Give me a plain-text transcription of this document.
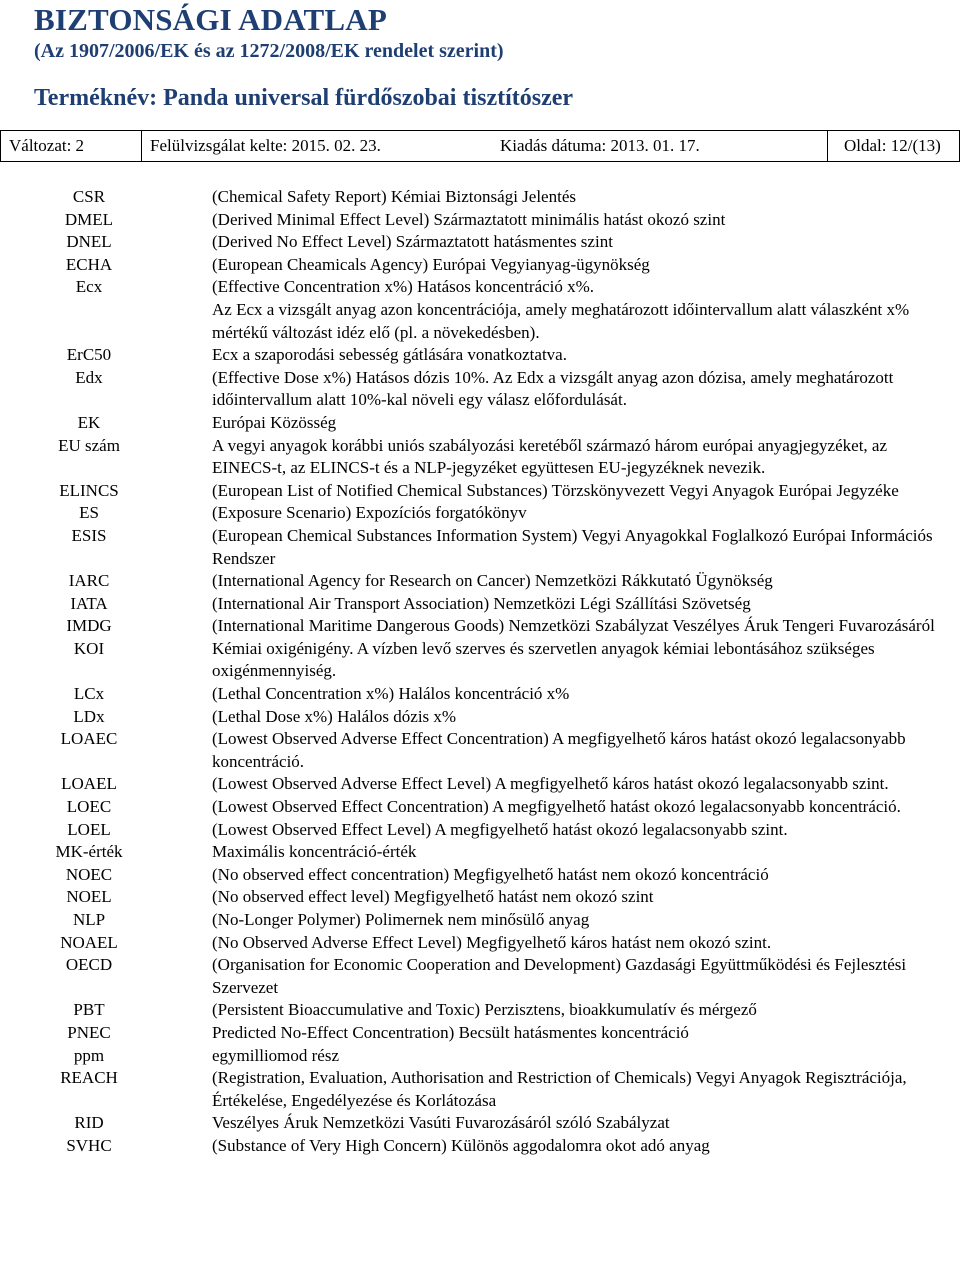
BIZTONSÁGI ADATLAP
(Az 1907/2006/EK és az 1272/2008/EK rendelet szerint)
Terméknév: Panda universal fürdőszobai tisztítószer
Változat: 2	Felülvizsgálat kelte: 2015. 02. 23.	Kiadás dátuma: 2013. 01. 17.	Oldal: 12/(13)
CSR	(Chemical Safety Report) Kémiai Biztonsági Jelentés
DMEL	(Derived Minimal Effect Level) Származtatott minimális hatást okozó szint
DNEL	(Derived No Effect Level) Származtatott hatásmentes szint
ECHA	(European Cheamicals Agency) Európai Vegyianyag-ügynökség
Ecx	(Effective Concentration x%) Hatásos koncentráció x%.
Az Ecx a vizsgált anyag azon koncentrációja, amely meghatározott időintervallum alatt válaszként x% mértékű változást idéz elő (pl. a növekedésben).
ErC50	Ecx a szaporodási sebesség gátlására vonatkoztatva.
Edx	(Effective Dose x%) Hatásos dózis 10%. Az Edx a vizsgált anyag azon dózisa, amely meghatározott időintervallum alatt 10%-kal növeli egy válasz előfordulását.
EK	Európai Közösség
EU szám	A vegyi anyagok korábbi uniós szabályozási keretéből származó három európai anyagjegyzéket, az EINECS-t, az ELINCS-t és a NLP-jegyzéket együttesen EU-jegyzéknek nevezik.
ELINCS	(European List of Notified Chemical Substances) Törzskönyvezett Vegyi Anyagok Európai Jegyzéke
ES	(Exposure Scenario) Expozíciós forgatókönyv
ESIS	(European Chemical Substances Information System) Vegyi Anyagokkal Foglalkozó Európai Információs Rendszer
IARC	(International Agency for Research on Cancer) Nemzetközi Rákkutató Ügynökség
IATA	(International Air Transport Association) Nemzetközi Légi Szállítási Szövetség
IMDG	(International Maritime Dangerous Goods) Nemzetközi Szabályzat Veszélyes Áruk Tengeri Fuvarozásáról
KOI	Kémiai oxigénigény. A vízben levő szerves és szervetlen anyagok kémiai lebontásához szükséges oxigénmennyiség.
LCx	(Lethal Concentration x%) Halálos koncentráció x%
LDx	(Lethal Dose x%) Halálos dózis x%
LOAEC	(Lowest Observed Adverse Effect Concentration) A megfigyelhető káros hatást okozó legalacsonyabb koncentráció.
LOAEL	(Lowest Observed Adverse Effect Level) A megfigyelhető káros hatást okozó legalacsonyabb szint.
LOEC	(Lowest Observed Effect Concentration) A megfigyelhető hatást okozó legalacsonyabb koncentráció.
LOEL	(Lowest Observed Effect Level) A megfigyelhető hatást okozó legalacsonyabb szint.
MK-érték	Maximális koncentráció-érték
NOEC	(No observed effect concentration) Megfigyelhető hatást nem okozó koncentráció
NOEL	(No observed effect level) Megfigyelhető hatást nem okozó szint
NLP	(No-Longer Polymer) Polimernek nem minősülő anyag
NOAEL	(No Observed Adverse Effect Level) Megfigyelhető káros hatást nem okozó szint.
OECD	(Organisation for Economic Cooperation and Development) Gazdasági Együttműködési és Fejlesztési Szervezet
PBT	(Persistent Bioaccumulative and Toxic) Perzisztens, bioakkumulatív és mérgező
PNEC	Predicted No-Effect Concentration) Becsült hatásmentes koncentráció
ppm	egymilliomod rész
REACH	(Registration, Evaluation, Authorisation and Restriction of Chemicals) Vegyi Anyagok Regisztrációja, Értékelése, Engedélyezése és Korlátozása
RID	Veszélyes Áruk Nemzetközi Vasúti Fuvarozásáról szóló Szabályzat
SVHC	(Substance of Very High Concern) Különös aggodalomra okot adó anyag
